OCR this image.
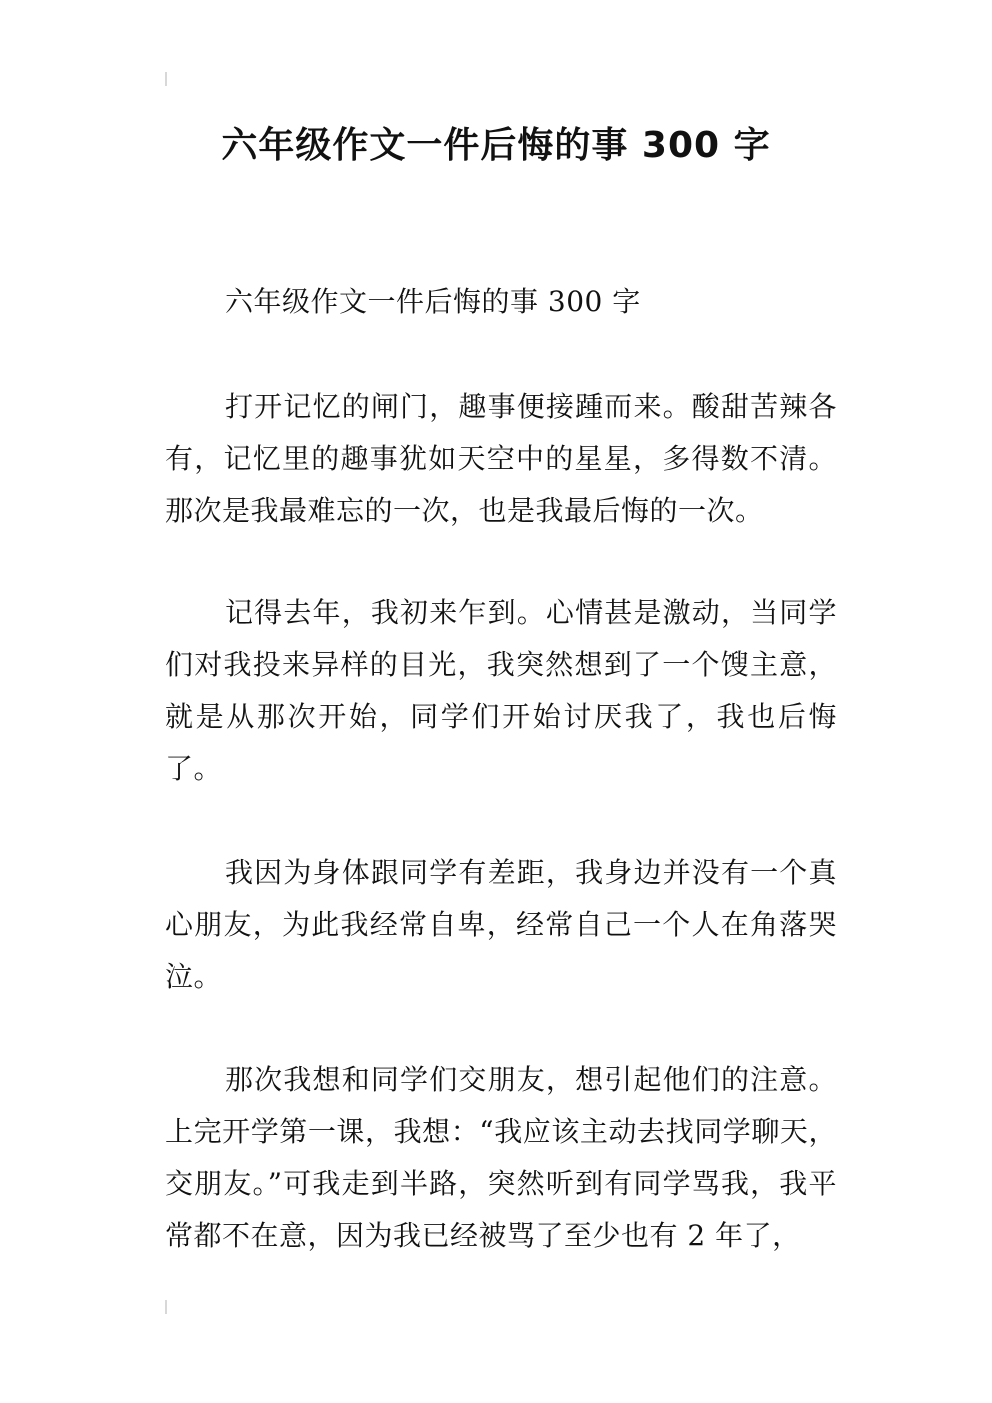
六年级作文一件后悔的事 300 字

六年级作文一件后悔的事 300 字

打开记忆的闸门，趣事便接踵而来。酸甜苦辣各有，记忆里的趣事犹如天空中的星星，多得数不清。那次是我最难忘的一次，也是我最后悔的一次。

记得去年，我初来乍到。心情甚是激动，当同学们对我投来异样的目光，我突然想到了一个馊主意，就是从那次开始，同学们开始讨厌我了，我也后悔了。

我因为身体跟同学有差距，我身边并没有一个真心朋友，为此我经常自卑，经常自己一个人在角落哭泣。

那次我想和同学们交朋友，想引起他们的注意。上完开学第一课，我想：“我应该主动去找同学聊天，交朋友。”可我走到半路，突然听到有同学骂我，我平常都不在意，因为我已经被骂了至少也有 2 年了，
